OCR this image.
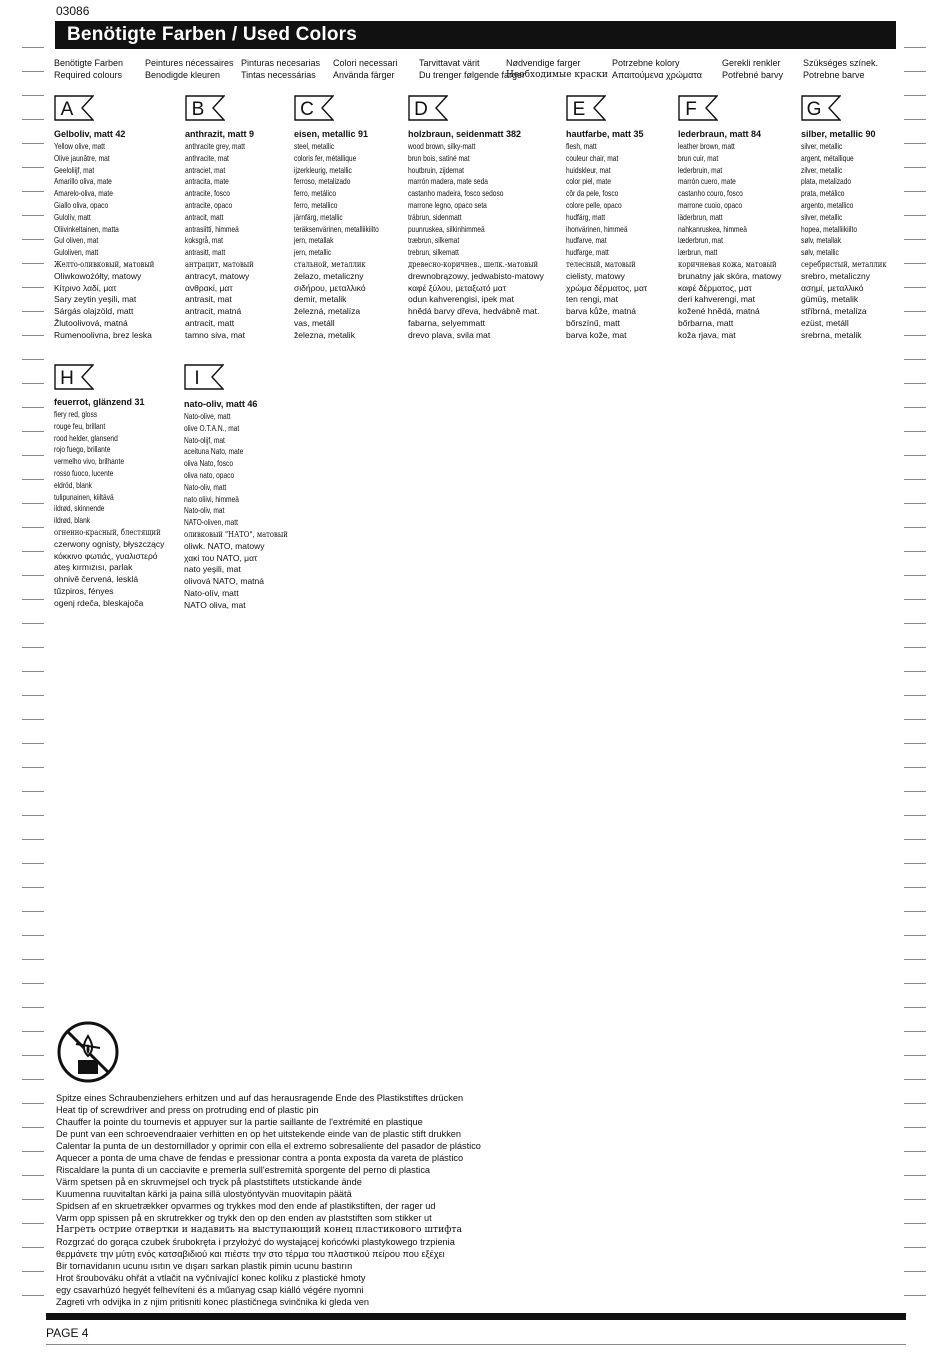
03086
Benötigte Farben / Used Colors
Benötigte Farben
Required colours
Peintures nécessaires
Benodigde kleuren
Pinturas necesarias
Tintas necessárias
Colori necessari
Använda färger
Tarvittavat värit
Du trenger følgende farger
Nødvendige farger
Необходимые краски
Potrzebne kolory
Απαιτούμενα χρώματα
Gerekli renkler
Potřebné barvy
Szükséges színek.
Potrebne barve
A
Gelboliv, matt 42
Yellow olive, matt
Olive jaunâtre, mat
Geeloliijf, mat
Amarillo oliva, mate
Amarelo-oliva, mate
Giallo oliva, opaco
Gulolív, matt
Oliivinkeltainen, matta
Gul oliven, mat
Guloliven, matt
Желто-оливковый, матовый
Oliwkowożółty, matowy
Κίτρινο λαδί, ματ
Sary zeytin yeşili, mat
Sárgás olajzöld, matt
Žlutoolivová, matná
Rumenoolivna, brez leska
B
anthrazit, matt 9
anthracite grey, matt
anthracite, mat
antraciet, mat
antracita, mate
antracite, fosco
antracite, opaco
antracit, matt
antrasiitti, himmeä
koksgrå, mat
antrasitt, matt
антрацит, матовый
antracyt, matowy
ανθρακί, ματ
antrasit, mat
antracit, matná
antracit, matt
tamno siva, mat
C
eisen, metallic 91
steel, metallic
coloris fer, métallique
ijzerkleurig, metallic
ferroso, metalizado
ferro, metálico
ferro, metallico
järnfärg, metallic
teräksenvärinen, metalliikiilto
jern, metallak
jern, metallic
стальной, металлик
żelazo, metaliczny
σιδήρου, μεταλλικό
demir, metalik
železná, metalíza
vas, metáll
železna, metalik
D
holzbraun, seidenmatt 382
wood brown, silky-matt
brun bois, satiné mat
houtbruin, zijdemat
marrón madera, mate seda
castanho madeira, fosco sedoso
marrone legno, opaco seta
träbrun, sidenmatt
puunruskea, silkinhimmeä
træbrun, silkemat
trebrun, silkematt
древесно-коричнев., шелк.-матовый
drewnobrązowy, jedwabisto-matowy
καφέ ξύλου, μεταξωτό ματ
odun kahverengisi, ipek mat
hnědá barvy dřeva, hedvábně mat.
fabarna, selyemmatt
drevo plava, svila mat
E
hautfarbe, matt 35
flesh, matt
couleur chair, mat
huidskleur, mat
color piel, mate
côr da pele, fosco
colore pelle, opaco
hudfärg, matt
ihonvärinen, himmeä
hudfarve, mat
hudfarge, matt
телесный, матовый
cielisty, matowy
χρώμα δέρματος, ματ
ten rengi, mat
barva kůže, matná
bőrszínű, matt
barva kože, mat
F
lederbraun, matt 84
leather brown, matt
brun cuir, mat
lederbruin, mat
marrón cuero, mate
castanho couro, fosco
marrone cuoio, opaco
läderbrun, matt
nahkanruskea, himmeä
læderbrun, mat
lærbrun, matt
коричневая кожа, матовый
brunatny jak skóra, matowy
καφέ δέρματος, ματ
deri kahverengi, mat
kožené hnědá, matná
bőrbarna, matt
koža rjava, mat
G
silber, metallic 90
silver, metallic
argent, métallique
zilver, metallic
plata, metalizado
prata, metálico
argento, metallico
silver, metallic
hopea, metalliikiilto
sølv, metallak
sølv, metallic
серебристый, металлик
srebro, metaliczny
ασημί, μεταλλικό
gümüş, metalik
stříbrná, metalíza
ezüst, metáll
srebrna, metalik
H
feuerrot, glänzend 31
fiery red, gloss
rouge feu, brillant
rood helder, glansend
rojo fuego, brillante
vermelho vivo, brilhante
rosso fuoco, lucente
eldröd, blank
tulipunainen, kiiltävä
ildrød, skinnende
ildrød, blank
огненно-красный, блестящий
czerwony ognisty, błyszczący
κόκκινο φωτιάς, γυαλιστερό
ateş kırmızısı, parlak
ohnivě červená, lesklá
tűzpiros, fényes
ogenj rdeča, bleskajoča
I
nato-oliv, matt 46
Nato-olive, matt
olive O.T.A.N., mat
Nato-olijf, mat
aceituna Nato, mate
oliva Nato, fosco
oliva nato, opaco
Nato-oliv, matt
nato oliivi, himmeä
Nato-oliv, mat
NATO-oliven, matt
оливковый "НАТО", матовый
oliwk. NATO, matowy
χακί του NATO, ματ
nato yeşili, mat
olivová NATO, matná
Nato-olív, matt
NATO oliva, mat
Spitze eines Schraubenziehers erhitzen und auf das herausragende Ende des Plastikstiftes drücken
Heat tip of screwdriver and press on protruding end of plastic pin
Chauffer la pointe du tournevis et appuyer sur la partie saillante de l'extrémité en plastique
De punt van een schroevendraaier verhitten en op het uitstekende einde van de plastic stift drukken
Calentar la punta de un destornillador y oprimir con ella el extremo sobresaliente del pasador de plástico
Aquecer a ponta de uma chave de fendas e pressionar contra a ponta exposta da vareta de plástico
Riscaldare la punta di un cacciavite e premerla sull'estremità sporgente del perno di plastica
Värm spetsen på en skruvmejsel och tryck på plaststiftets utstickande ände
Kuumenna ruuvitaltan kärki ja paina sillä ulostyöntyvän muovitapin päätä
Spidsen af en skruetrækker opvarmes og trykkes mod den ende af plastikstiften, der rager ud
Varm opp spissen på en skrutrekker og trykk den op den enden av plaststiften som stikker ut
Нагреть острие отвертки и надавить на выступающий конец пластикового штифта
Rozgrzać do gorąca czubek śrubokręta i przyłożyć do wystającej końcówki plastykowego trzpienia
θερμάνετε την μύτη ενός κατσαβιδιού και πιέστε την στο τέρμα του πλαστικού πείρου που εξέχει
Bir tornavidanın ucunu ısıtın ve dışarı sarkan plastik pimin ucunu bastırın
Hrot šroubováku ohřát a vtlačit na vyčnívající konec kolíku z plastické hmoty
egy csavarhúzó hegyét felhevíteni és a műanyag csap kiálló végére nyomni
Zagreti vrh odvijka in z njim pritisniti konec plastičnega svinčnika ki gleda ven
PAGE 4
